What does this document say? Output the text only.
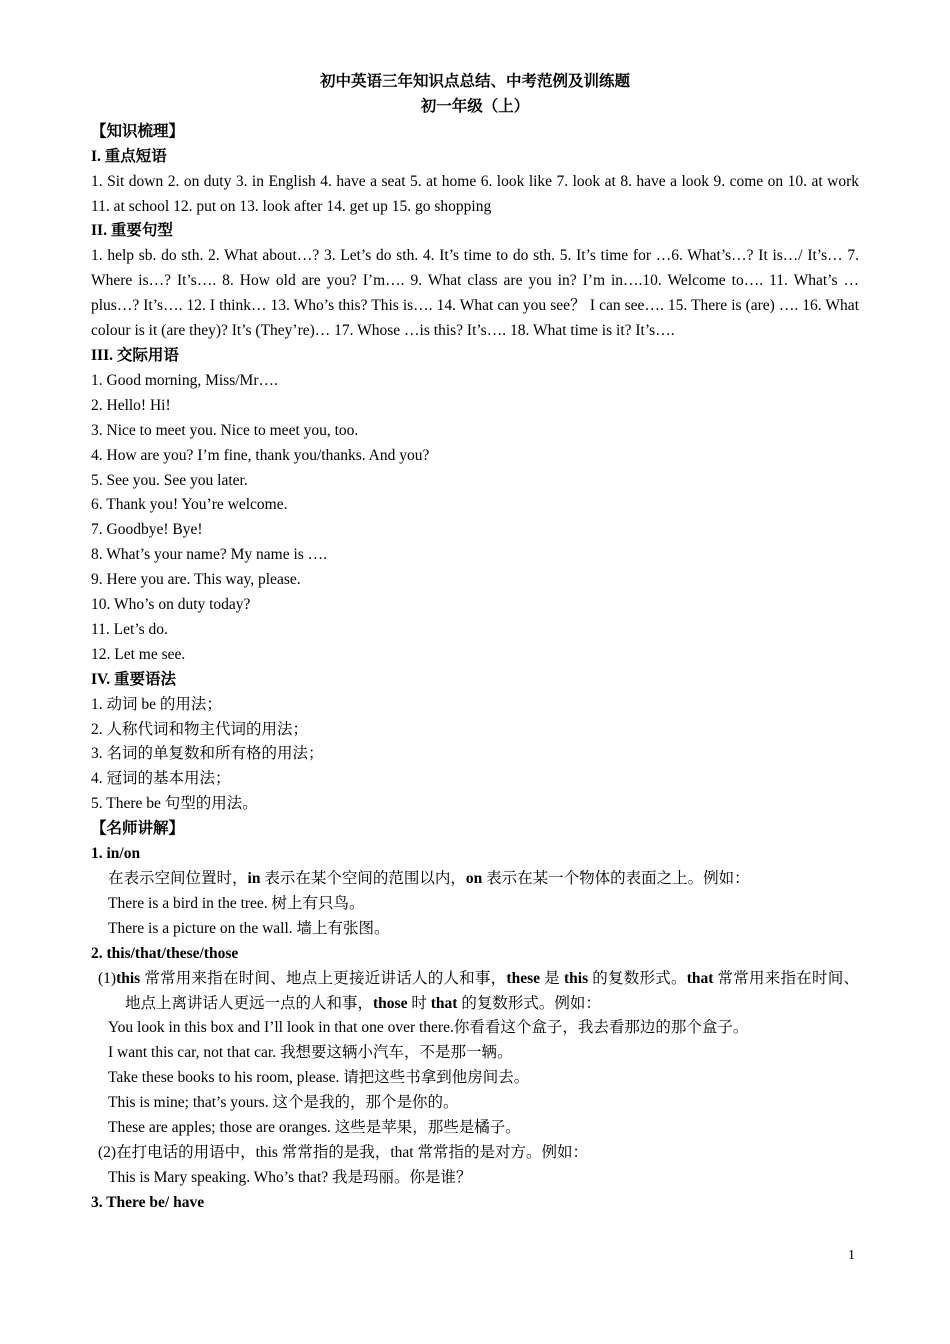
初中英语三年知识点总结、中考范例及训练题

初一年级（上）

【知识梳理】

I. 重点短语

1. Sit down 2. on duty 3. in English 4. have a seat 5. at home 6. look like 7. look at 8. have a look 9. come on 10. at work 11. at school 12. put on 13. look after 14. get up 15. go shopping

II. 重要句型

1. help sb. do sth. 2. What about…? 3. Let’s do sth. 4. It’s time to do sth. 5. It’s time for …6. What’s…? It is…/ It’s… 7. Where is…? It’s…. 8. How old are you? I’m…. 9. What class are you in? I’m in….10. Welcome to…. 11. What’s …plus…? It’s…. 12. I think… 13. Who’s this? This is…. 14. What can you see？ I can see…. 15. There is (are) …. 16. What colour is it (are they)? It’s (They’re)… 17. Whose …is this? It’s…. 18. What time is it? It’s….

III. 交际用语

1. Good morning, Miss/Mr….

2. Hello! Hi!

3. Nice to meet you. Nice to meet you, too.

4. How are you? I’m fine, thank you/thanks. And you?

5. See you. See you later.

6. Thank you! You’re welcome.

7. Goodbye! Bye!

8. What’s your name? My name is ….

9. Here you are. This way, please.

10. Who’s on duty today?

11. Let’s do.

12. Let me see.

IV. 重要语法

1. 动词 be 的用法；

2. 人称代词和物主代词的用法；

3. 名词的单复数和所有格的用法；

4. 冠词的基本用法；

5. There be 句型的用法。

【名师讲解】

1. in/on

在表示空间位置时，in 表示在某个空间的范围以内，on 表示在某一个物体的表面之上。例如：

There is a bird in the tree. 树上有只鸟。

There is a picture on the wall. 墙上有张图。

2. this/that/these/those

(1)this 常常用来指在时间、地点上更接近讲话人的人和事，these 是 this 的复数形式。that 常常用来指在时间、地点上离讲话人更远一点的人和事，those 时 that 的复数形式。例如：

You look in this box and I’ll look in that one over there.你看看这个盒子，我去看那边的那个盒子。

I want this car, not that car. 我想要这辆小汽车，不是那一辆。

Take these books to his room, please. 请把这些书拿到他房间去。

This is mine; that’s yours. 这个是我的，那个是你的。

These are apples; those are oranges. 这些是苹果，那些是橘子。

(2)在打电话的用语中，this 常常指的是我，that 常常指的是对方。例如：

This is Mary speaking. Who’s that? 我是玛丽。你是谁？

3. There be/ have

1
